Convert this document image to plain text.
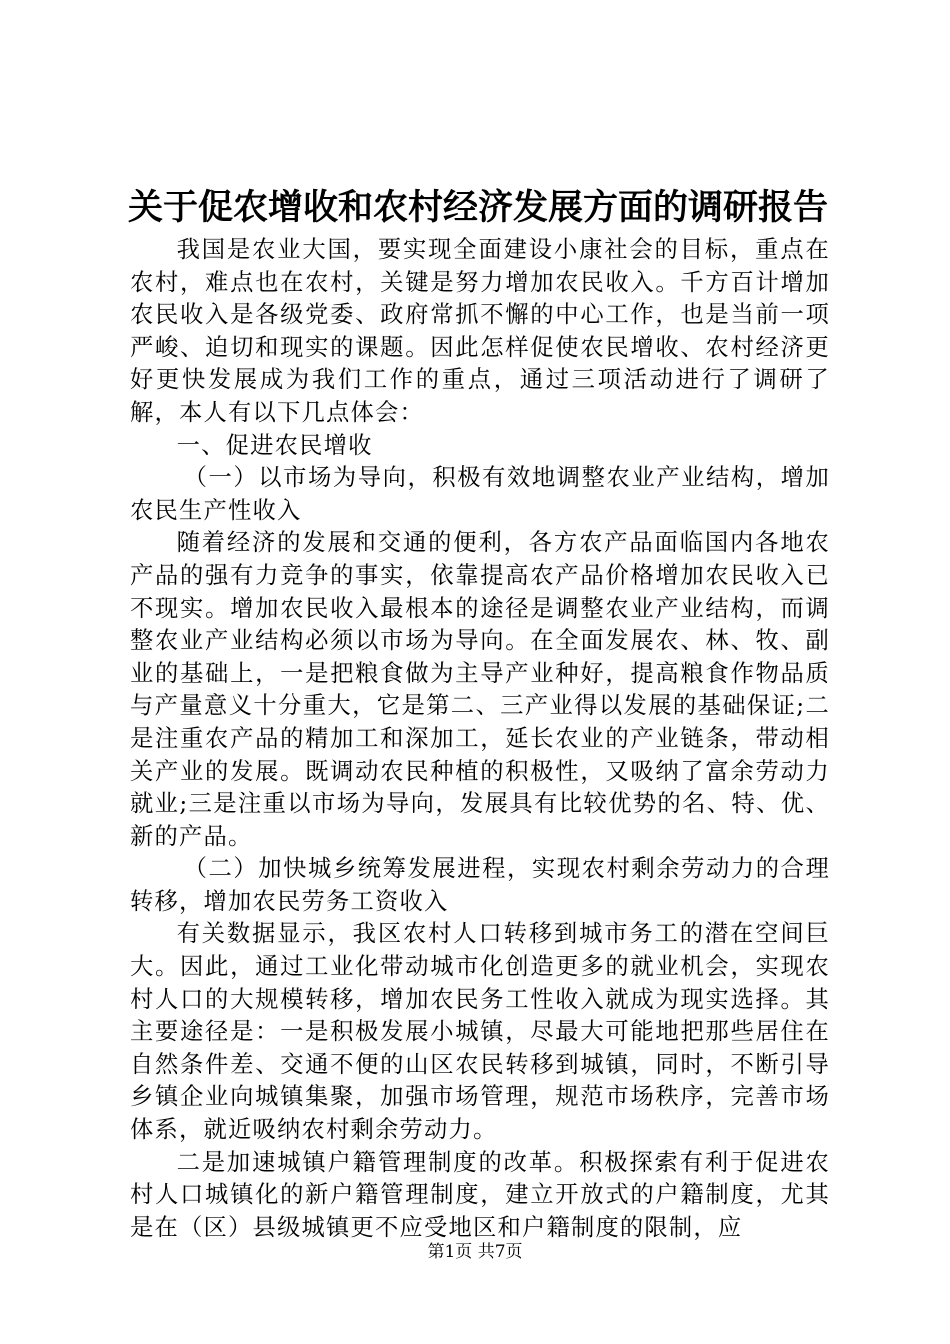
关于促农增收和农村经济发展方面的调研报告

我国是农业大国，要实现全面建设小康社会的目标，重点在农村，难点也在农村，关键是努力增加农民收入。千方百计增加农民收入是各级党委、政府常抓不懈的中心工作，也是当前一项严峻、迫切和现实的课题。因此怎样促使农民增收、农村经济更好更快发展成为我们工作的重点，通过三项活动进行了调研了解，本人有以下几点体会：

一、促进农民增收

（一）以市场为导向，积极有效地调整农业产业结构，增加农民生产性收入

随着经济的发展和交通的便利，各方农产品面临国内各地农产品的强有力竞争的事实，依靠提高农产品价格增加农民收入已不现实。增加农民收入最根本的途径是调整农业产业结构，而调整农业产业结构必须以市场为导向。在全面发展农、林、牧、副业的基础上，一是把粮食做为主导产业种好，提高粮食作物品质与产量意义十分重大，它是第二、三产业得以发展的基础保证;二是注重农产品的精加工和深加工，延长农业的产业链条，带动相关产业的发展。既调动农民种植的积极性，又吸纳了富余劳动力就业;三是注重以市场为导向，发展具有比较优势的名、特、优、新的产品。

（二）加快城乡统筹发展进程，实现农村剩余劳动力的合理转移，增加农民劳务工资收入

有关数据显示，我区农村人口转移到城市务工的潜在空间巨大。因此，通过工业化带动城市化创造更多的就业机会，实现农村人口的大规模转移，增加农民务工性收入就成为现实选择。其主要途径是：一是积极发展小城镇，尽最大可能地把那些居住在自然条件差、交通不便的山区农民转移到城镇，同时，不断引导乡镇企业向城镇集聚，加强市场管理，规范市场秩序，完善市场体系，就近吸纳农村剩余劳动力。

二是加速城镇户籍管理制度的改革。积极探索有利于促进农村人口城镇化的新户籍管理制度，建立开放式的户籍制度，尤其是在（区）县级城镇更不应受地区和户籍制度的限制，应

第1页 共7页
